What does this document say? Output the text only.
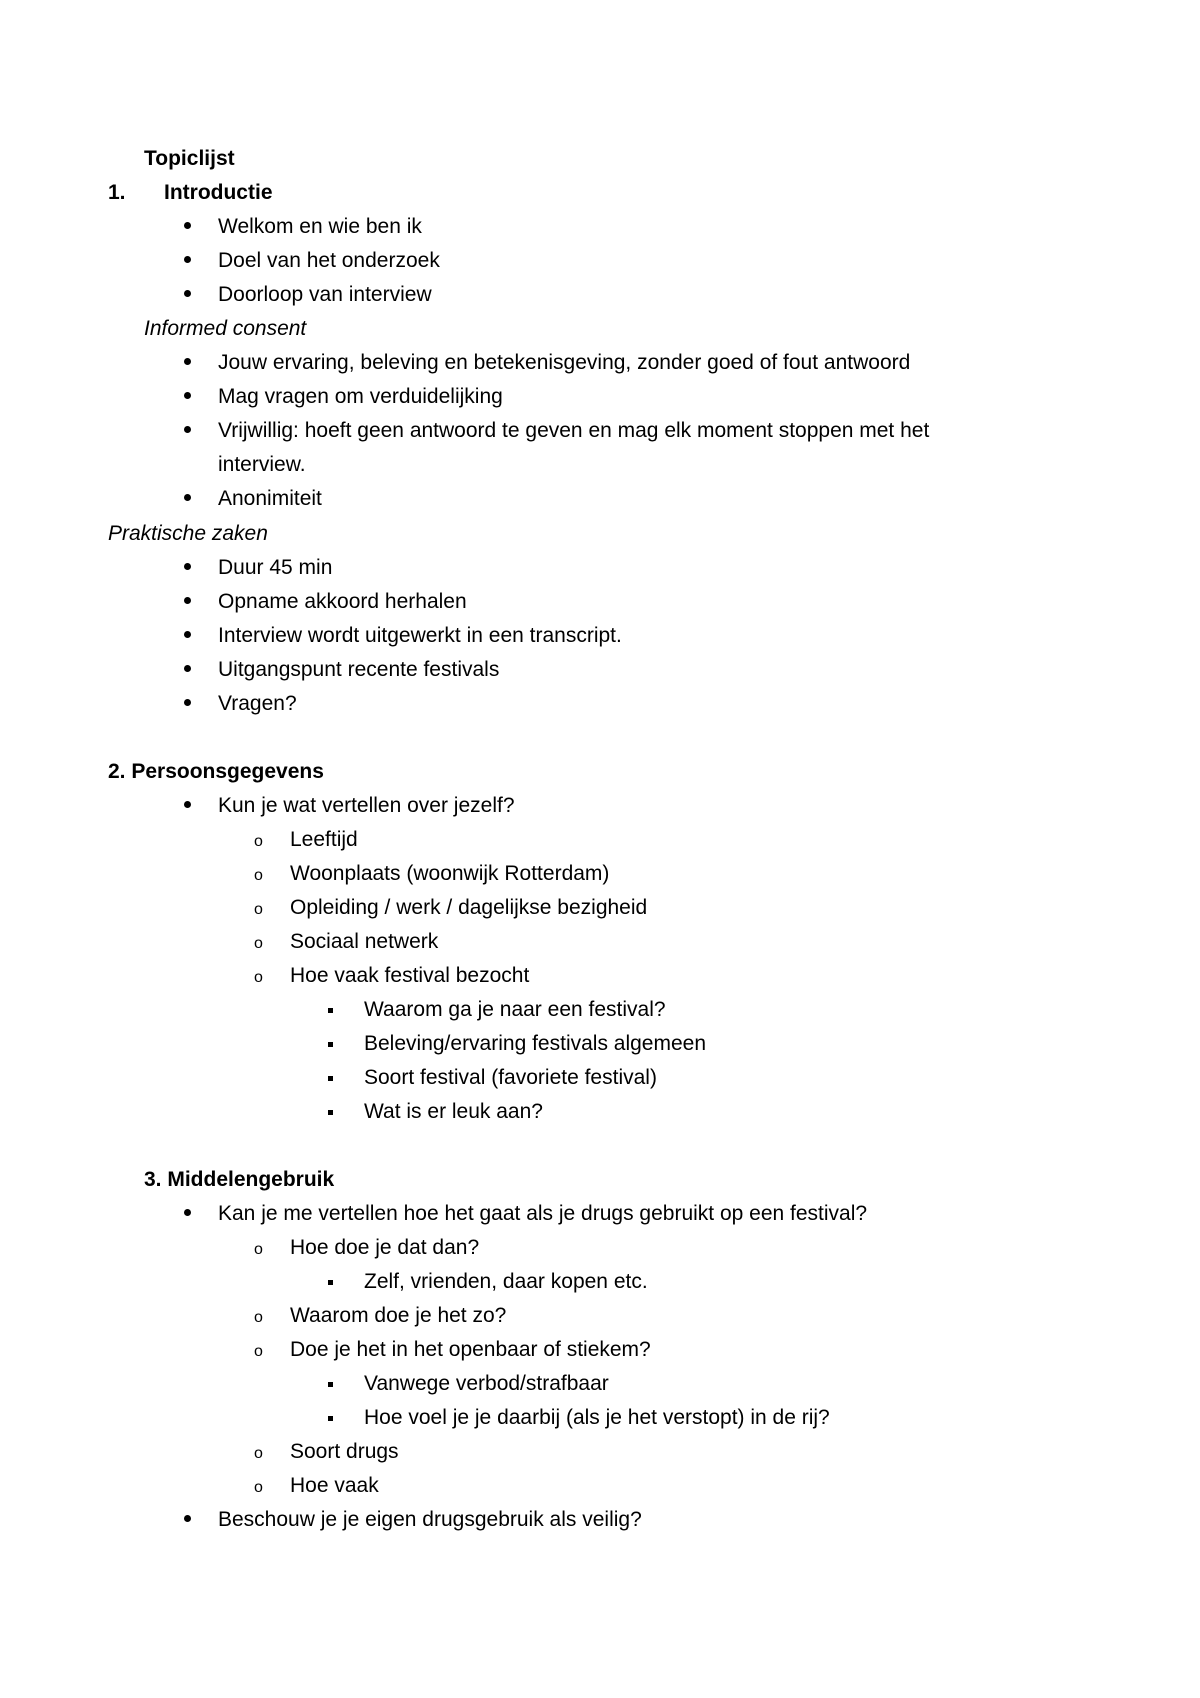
Topiclijst
1. Introductie
Welkom en wie ben ik
Doel van het onderzoek
Doorloop van interview
Informed consent
Jouw ervaring, beleving en betekenisgeving, zonder goed of fout antwoord
Mag vragen om verduidelijking
Vrijwillig: hoeft geen antwoord te geven en mag elk moment stoppen met het
interview.
Anonimiteit
Praktische zaken
Duur 45 min
Opname akkoord herhalen
Interview wordt uitgewerkt in een transcript.
Uitgangspunt recente festivals
Vragen?
2. Persoonsgegevens
Kun je wat vertellen over jezelf?
o Leeftijd
o Woonplaats (woonwijk Rotterdam)
o Opleiding / werk / dagelijkse bezigheid
o Sociaal netwerk
o Hoe vaak festival bezocht
Waarom ga je naar een festival?
Beleving/ervaring festivals algemeen
Soort festival (favoriete festival)
Wat is er leuk aan?
3. Middelengebruik
Kan je me vertellen hoe het gaat als je drugs gebruikt op een festival?
o Hoe doe je dat dan?
Zelf, vrienden, daar kopen etc.
o Waarom doe je het zo?
o Doe je het in het openbaar of stiekem?
Vanwege verbod/strafbaar
Hoe voel je je daarbij (als je het verstopt) in de rij?
o Soort drugs
o Hoe vaak
Beschouw je je eigen drugsgebruik als veilig?
